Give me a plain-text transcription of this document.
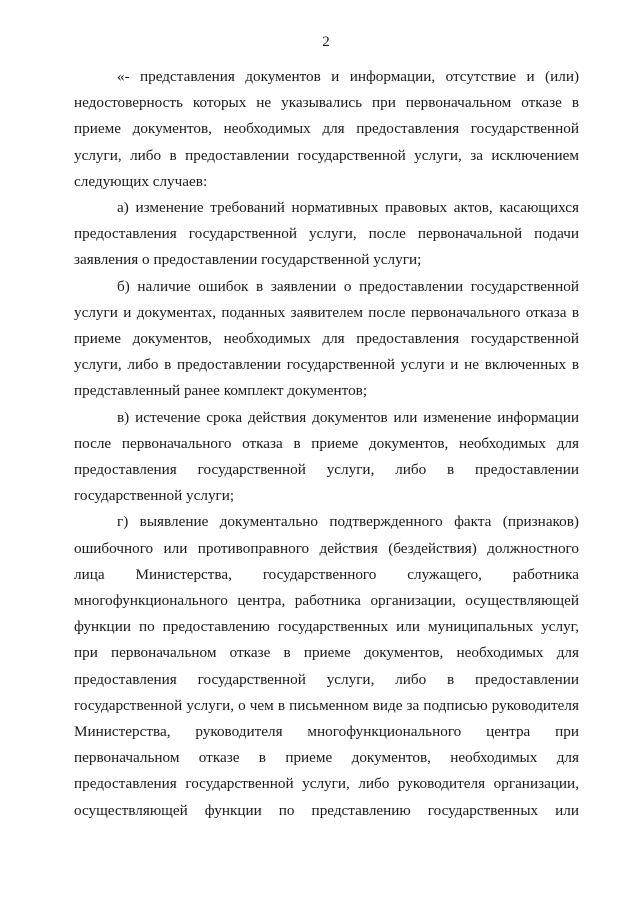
2

«- представления документов и информации, отсутствие и (или) недостоверность которых не указывались при первоначальном отказе в приеме документов, необходимых для предоставления государственной услуги, либо в предоставлении государственной услуги, за исключением следующих случаев:

а) изменение требований нормативных правовых актов, касающихся предоставления государственной услуги, после первоначальной подачи заявления о предоставлении государственной услуги;

б) наличие ошибок в заявлении о предоставлении государственной услуги и документах, поданных заявителем после первоначального отказа в приеме документов, необходимых для предоставления государственной услуги, либо в предоставлении государственной услуги и не включенных в представленный ранее комплект документов;

в) истечение срока действия документов или изменение информации после первоначального отказа в приеме документов, необходимых для предоставления государственной услуги, либо в предоставлении государственной услуги;

г) выявление документально подтвержденного факта (признаков) ошибочного или противоправного действия (бездействия) должностного лица Министерства, государственного служащего, работника многофункционального центра, работника организации, осуществляющей функции по предоставлению государственных или муниципальных услуг, при первоначальном отказе в приеме документов, необходимых для предоставления государственной услуги, либо в предоставлении государственной услуги, о чем в письменном виде за подписью руководителя Министерства, руководителя многофункционального центра при первоначальном отказе в приеме документов, необходимых для предоставления государственной услуги, либо руководителя организации, осуществляющей функции по представлению государственных или
